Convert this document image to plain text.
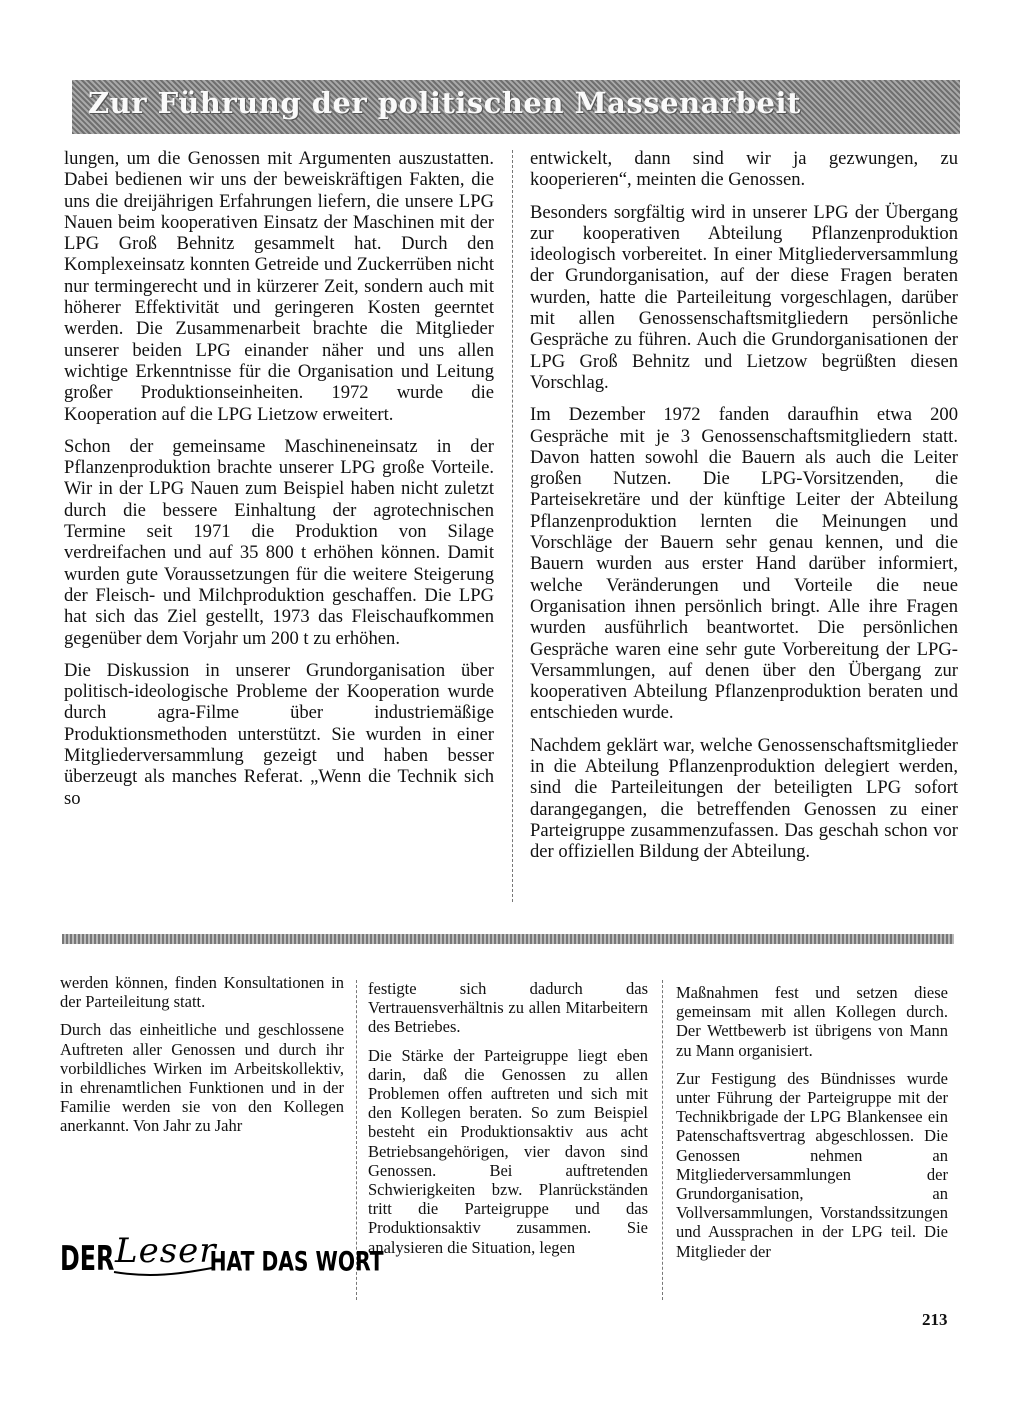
Zur Führung der politischen Massenarbeit

lungen, um die Genossen mit Argumenten auszustatten. Dabei bedienen wir uns der beweiskräftigen Fakten, die uns die dreijährigen Erfahrungen liefern, die unsere LPG Nauen beim kooperativen Einsatz der Maschinen mit der LPG Groß Behnitz gesammelt hat. Durch den Komplexeinsatz konnten Getreide und Zuckerrüben nicht nur termingerecht und in kürzerer Zeit, sondern auch mit höherer Effektivität und geringeren Kosten geerntet werden. Die Zusammenarbeit brachte die Mitglieder unserer beiden LPG einander näher und uns allen wichtige Erkenntnisse für die Organisation und Leitung großer Produktionseinheiten. 1972 wurde die Kooperation auf die LPG Lietzow erweitert.

Schon der gemeinsame Maschineneinsatz in der Pflanzenproduktion brachte unserer LPG große Vorteile. Wir in der LPG Nauen zum Beispiel haben nicht zuletzt durch die bessere Einhaltung der agrotechnischen Termine seit 1971 die Produktion von Silage verdreifachen und auf 35 800 t erhöhen können. Damit wurden gute Voraussetzungen für die weitere Steigerung der Fleisch- und Milchproduktion geschaffen. Die LPG hat sich das Ziel gestellt, 1973 das Fleischaufkommen gegenüber dem Vorjahr um 200 t zu erhöhen.

Die Diskussion in unserer Grundorganisation über politisch-ideologische Probleme der Kooperation wurde durch agra-Filme über industriemäßige Produktionsmethoden unterstützt. Sie wurden in einer Mitgliederversammlung gezeigt und haben besser überzeugt als manches Referat. „Wenn die Technik sich so

entwickelt, dann sind wir ja gezwungen, zu kooperieren“, meinten die Genossen.

Besonders sorgfältig wird in unserer LPG der Übergang zur kooperativen Abteilung Pflanzenproduktion ideologisch vorbereitet. In einer Mitgliederversammlung der Grundorganisation, auf der diese Fragen beraten wurden, hatte die Parteileitung vorgeschlagen, darüber mit allen Genossenschaftsmitgliedern persönliche Gespräche zu führen. Auch die Grundorganisationen der LPG Groß Behnitz und Lietzow begrüßten diesen Vorschlag.

Im Dezember 1972 fanden daraufhin etwa 200 Gespräche mit je 3 Genossenschaftsmitgliedern statt. Davon hatten sowohl die Bauern als auch die Leiter großen Nutzen. Die LPG-Vorsitzenden, die Parteisekretäre und der künftige Leiter der Abteilung Pflanzenproduktion lernten die Meinungen und Vorschläge der Bauern sehr genau kennen, und die Bauern wurden aus erster Hand darüber informiert, welche Veränderungen und Vorteile die neue Organisation ihnen persönlich bringt. Alle ihre Fragen wurden ausführlich beantwortet. Die persönlichen Gespräche waren eine sehr gute Vorbereitung der LPG-Versammlungen, auf denen über den Übergang zur kooperativen Abteilung Pflanzenproduktion beraten und entschieden wurde.

Nachdem geklärt war, welche Genossenschaftsmitglieder in die Abteilung Pflanzenproduktion delegiert werden, sind die Parteileitungen der beteiligten LPG sofort darangegangen, die betreffenden Genossen zu einer Parteigruppe zusammenzufassen. Das geschah schon vor der offiziellen Bildung der Abteilung.

werden können, finden Konsultationen in der Parteileitung statt.

Durch das einheitliche und geschlossene Auftreten aller Genossen und durch ihr vorbildliches Wirken im Arbeitskollektiv, in ehrenamtlichen Funktionen und in der Familie werden sie von den Kollegen anerkannt. Von Jahr zu Jahr

festigte sich dadurch das Vertrauensverhältnis zu allen Mitarbeitern des Betriebes.

Die Stärke der Parteigruppe liegt eben darin, daß die Genossen zu allen Problemen offen auftreten und sich mit den Kollegen beraten. So zum Beispiel besteht ein Produktionsaktiv aus acht Betriebsangehörigen, vier davon sind Genossen. Bei auftretenden Schwierigkeiten bzw. Planrückständen tritt die Parteigruppe und das Produktionsaktiv zusammen. Sie analysieren die Situation, legen

Maßnahmen fest und setzen diese gemeinsam mit allen Kollegen durch. Der Wettbewerb ist übrigens von Mann zu Mann organisiert.

Zur Festigung des Bündnisses wurde unter Führung der Parteigruppe mit der Technikbrigade der LPG Blankensee ein Patenschaftsvertrag abgeschlossen. Die Genossen nehmen an Mitgliederversammlungen der Grundorganisation, an Vollversammlungen, Vorstandssitzungen und Aussprachen in der LPG teil. Die Mitglieder der

DER Leser
HAT DAS WORT
213
